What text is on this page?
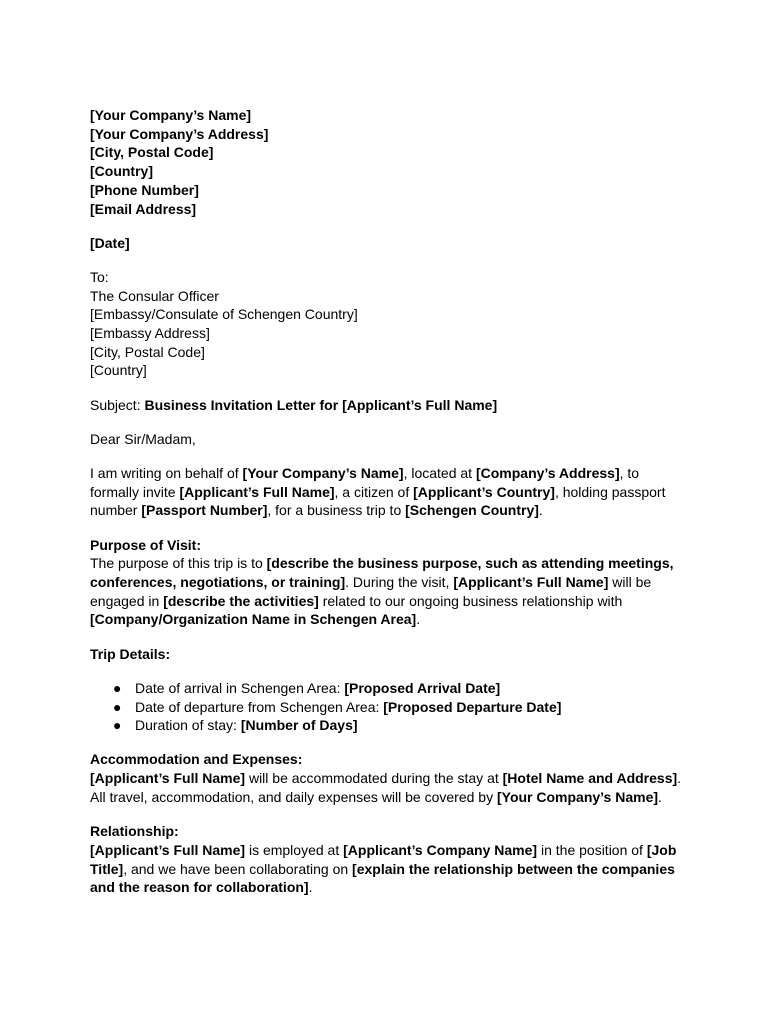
[Your Company’s Name]
[Your Company’s Address]
[City, Postal Code]
[Country]
[Phone Number]
[Email Address]
[Date]
To:
The Consular Officer
[Embassy/Consulate of Schengen Country]
[Embassy Address]
[City, Postal Code]
[Country]
Subject: Business Invitation Letter for [Applicant’s Full Name]
Dear Sir/Madam,
I am writing on behalf of [Your Company’s Name], located at [Company’s Address], to
formally invite [Applicant’s Full Name], a citizen of [Applicant’s Country], holding passport
number [Passport Number], for a business trip to [Schengen Country].
Purpose of Visit:
The purpose of this trip is to [describe the business purpose, such as attending meetings,
conferences, negotiations, or training]. During the visit, [Applicant’s Full Name] will be
engaged in [describe the activities] related to our ongoing business relationship with
[Company/Organization Name in Schengen Area].
Trip Details:
● Date of arrival in Schengen Area: [Proposed Arrival Date]
● Date of departure from Schengen Area: [Proposed Departure Date]
● Duration of stay: [Number of Days]
Accommodation and Expenses:
[Applicant’s Full Name] will be accommodated during the stay at [Hotel Name and Address].
All travel, accommodation, and daily expenses will be covered by [Your Company’s Name].
Relationship:
[Applicant’s Full Name] is employed at [Applicant’s Company Name] in the position of [Job
Title], and we have been collaborating on [explain the relationship between the companies
and the reason for collaboration].
